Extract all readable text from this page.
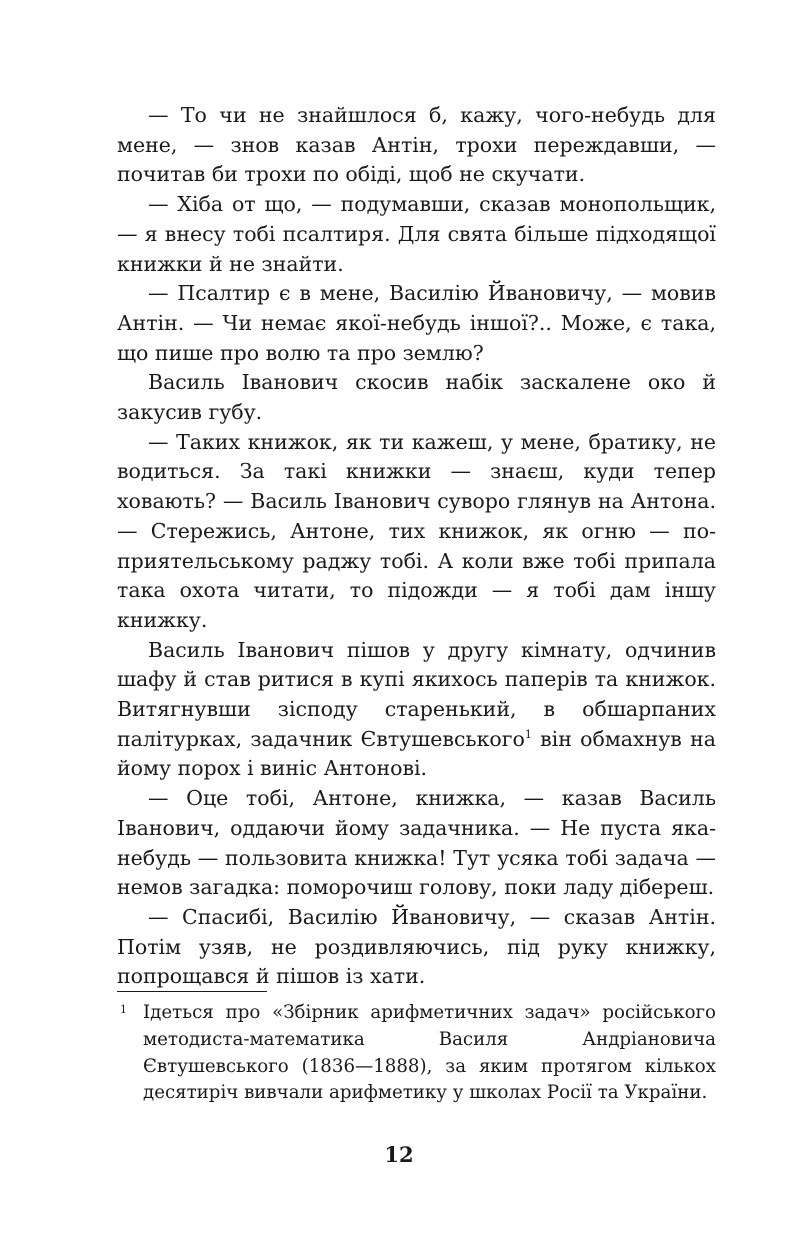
— То чи не знайшлося б, кажу, чого-небудь для мене, — знов казав Антін, трохи переждавши, — почитав би трохи по обіді, щоб не скучати.

— Хіба от що, — подумавши, сказав монопольщик, — я внесу тобі псалтиря. Для свята більше підходящої книжки й не знайти.

— Псалтир є в мене, Василію Йвановичу, — мовив Антін. — Чи немає якої-небудь іншої?.. Може, є така, що пише про волю та про землю?

Василь Іванович скосив набік заскалене око й закусив губу.

— Таких книжок, як ти кажеш, у мене, братику, не водиться. За такі книжки — знаєш, куди тепер ховають? — Василь Іванович суворо глянув на Антона. — Стережись, Антоне, тих книжок, як огню — по-приятельському раджу тобі. А коли вже тобі припала така охота читати, то підожди — я тобі дам іншу книжку.

Василь Іванович пішов у другу кімнату, одчинив шафу й став ритися в купі якихось паперів та книжок. Витягнувши зісподу старенький, в обшарпаних палітурках, задачник Євтушевського$^1$ він обмахнув на йому порох і виніс Антонові.

— Оце тобі, Антоне, книжка, — казав Василь Іванович, оддаючи йому задачника. — Не пуста яка-небудь — пользовита книжка! Тут усяка тобі задача — немов загадка: поморочиш голову, поки ладу дібереш.

— Спасибі, Василію Йвановичу, — сказав Антін. Потім узяв, не роздивляючись, під руку книжку, попрощався й пішов із хати.

1 Ідеться про «Збірник арифметичних задач» російського методиста-математика Василя Андріановича Євтушевського (1836—1888), за яким протягом кількох десятиріч вивчали арифметику у школах Росії та України.

12
